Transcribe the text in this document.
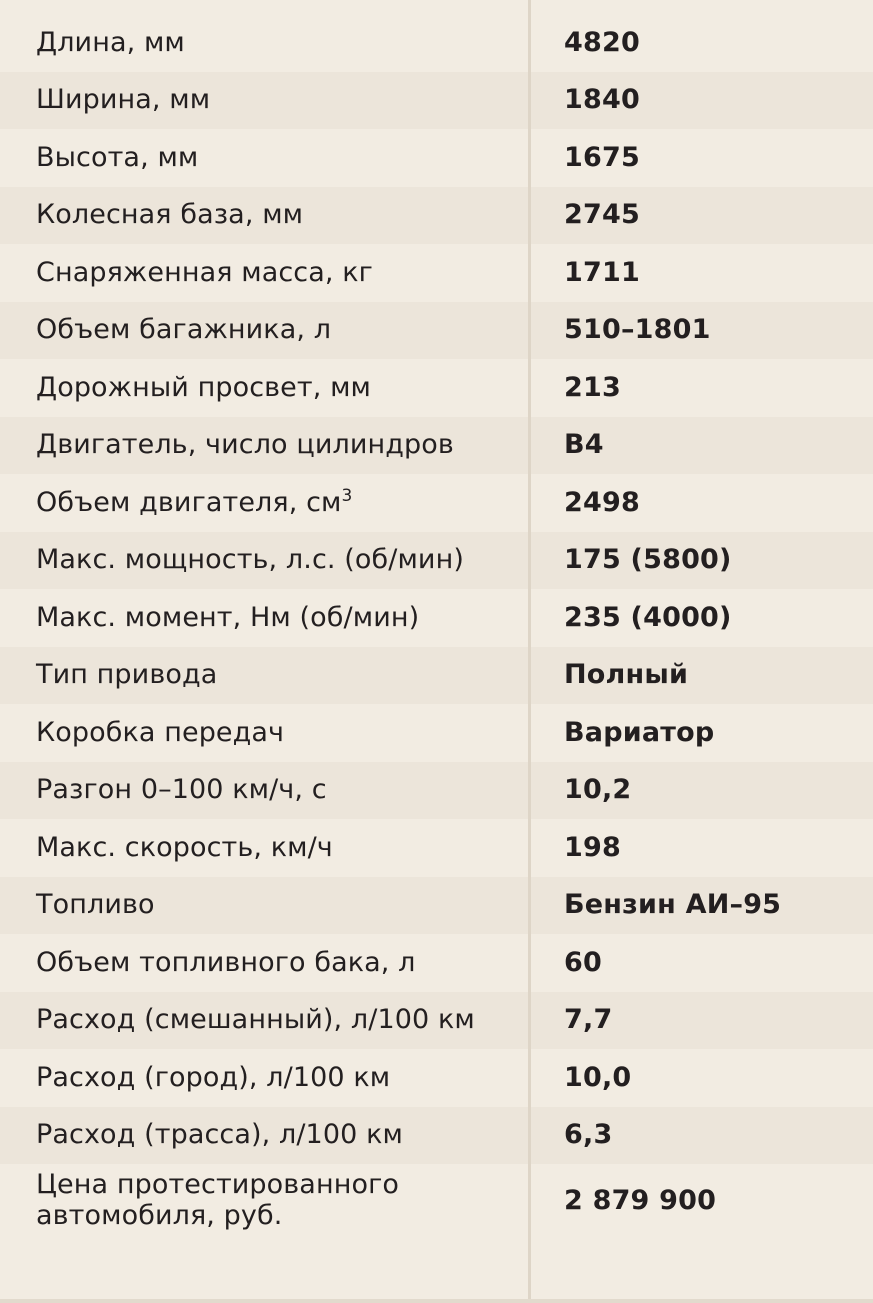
Длина, мм	4820
Ширина, мм	1840
Высота, мм	1675
Колесная база, мм	2745
Снаряженная масса, кг	1711
Объем багажника, л	510–1801
Дорожный просвет, мм	213
Двигатель, число цилиндров	B4
Объем двигателя, $см^3$	2498
Макс. мощность, л.с. (об/мин)	175 (5800)
Макс. момент, Нм (об/мин)	235 (4000)
Тип привода	Полный
Коробка передач	Вариатор
Разгон 0–100 км/ч, с	10,2
Макс. скорость, км/ч	198
Топливо	Бензин АИ–95
Объем топливного бака, л	60
Расход (смешанный), л/100 км	7,7
Расход (город), л/100 км	10,0
Расход (трасса), л/100 км	6,3

Цена протестированного
автомобиля, руб.	2 879 900
